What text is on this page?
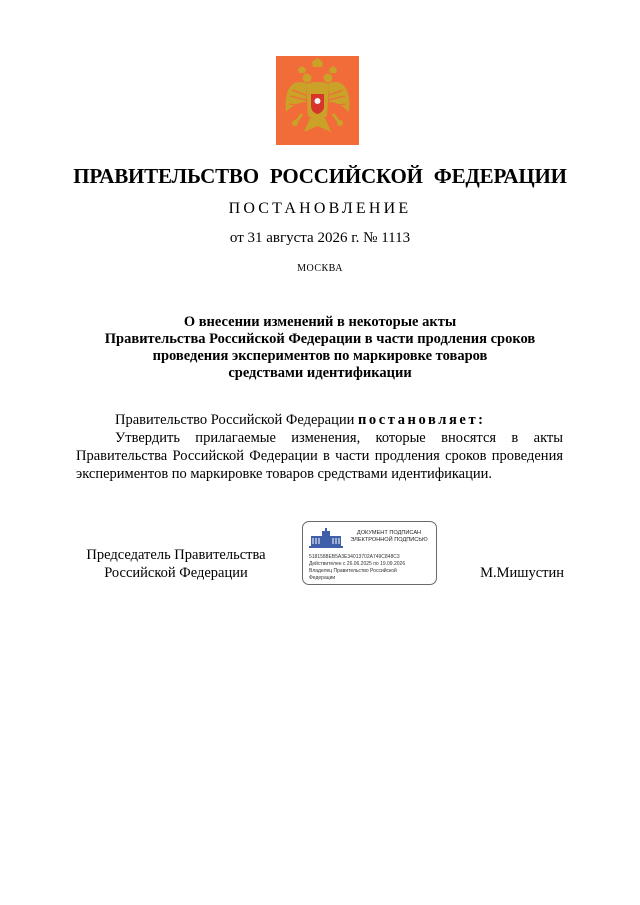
ПРАВИТЕЛЬСТВО РОССИЙСКОЙ ФЕДЕРАЦИИ
ПОСТАНОВЛЕНИЕ
от 31 августа 2026 г. № 1113
МОСКВА
О внесении изменений в некоторые акты
Правительства Российской Федерации в части продления сроков
проведения экспериментов по маркировке товаров
средствами идентификации

Правительство Российской Федерации постановляет:

Утвердить прилагаемые изменения, которые вносятся в акты Правительства Российской Федерации в части продления сроков проведения экспериментов по маркировке товаров средствами идентификации.

Председатель Правительства
Российской Федерации
ДОКУМЕНТ ПОДПИСАН
ЭЛЕКТРОННОЙ ПОДПИСЬЮ
5181588EB5A3E34013702A749C848C3
Действителен с 26.06.2025 по 19.09.2026
Владелец Правительство Российской Федерации	М.Мишустин
